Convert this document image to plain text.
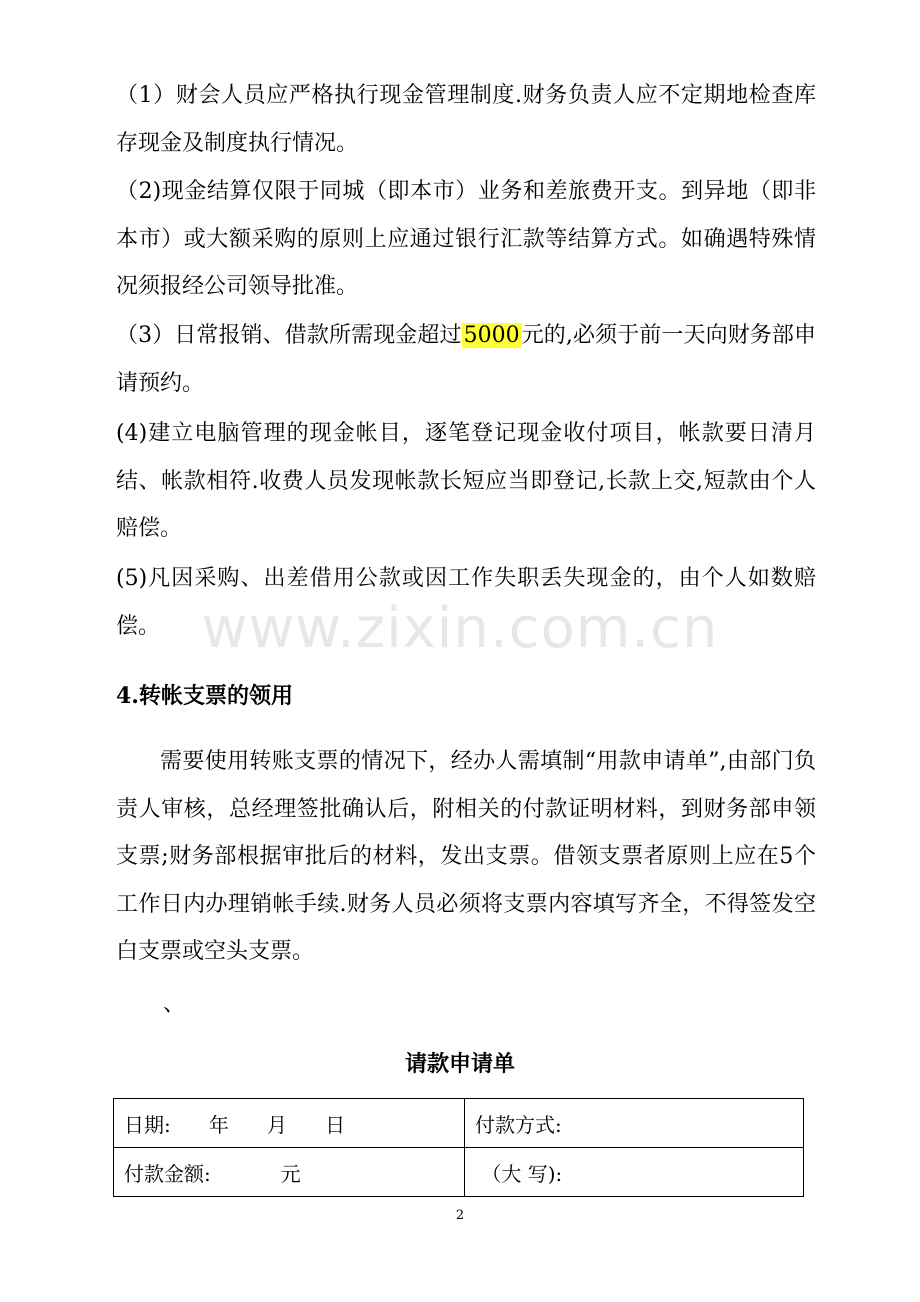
（1）财会人员应严格执行现金管理制度.财务负责人应不定期地检查库存现金及制度执行情况。

（2)现金结算仅限于同城（即本市）业务和差旅费开支。到异地（即非本市）或大额采购的原则上应通过银行汇款等结算方式。如确遇特殊情况须报经公司领导批准。

（3）日常报销、借款所需现金超过5000元的,必须于前一天向财务部申请预约。

(4)建立电脑管理的现金帐目，逐笔登记现金收付项目，帐款要日清月结、帐款相符.收费人员发现帐款长短应当即登记,长款上交,短款由个人赔偿。

(5)凡因采购、出差借用公款或因工作失职丢失现金的，由个人如数赔偿。 www.zixin.com.cn
4.转帐支票的领用

需要使用转账支票的情况下，经办人需填制“用款申请单”,由部门负责人审核，总经理签批确认后，附相关的付款证明材料，到财务部申领支票;财务部根据审批后的材料，发出支票。借领支票者原则上应在5个工作日内办理销帐手续.财务人员必须将支票内容填写齐全，不得签发空白支票或空头支票。

、
请款申请单
日期:      年      月      日	付款方式:
付款金额:           元	（大 写):
2
